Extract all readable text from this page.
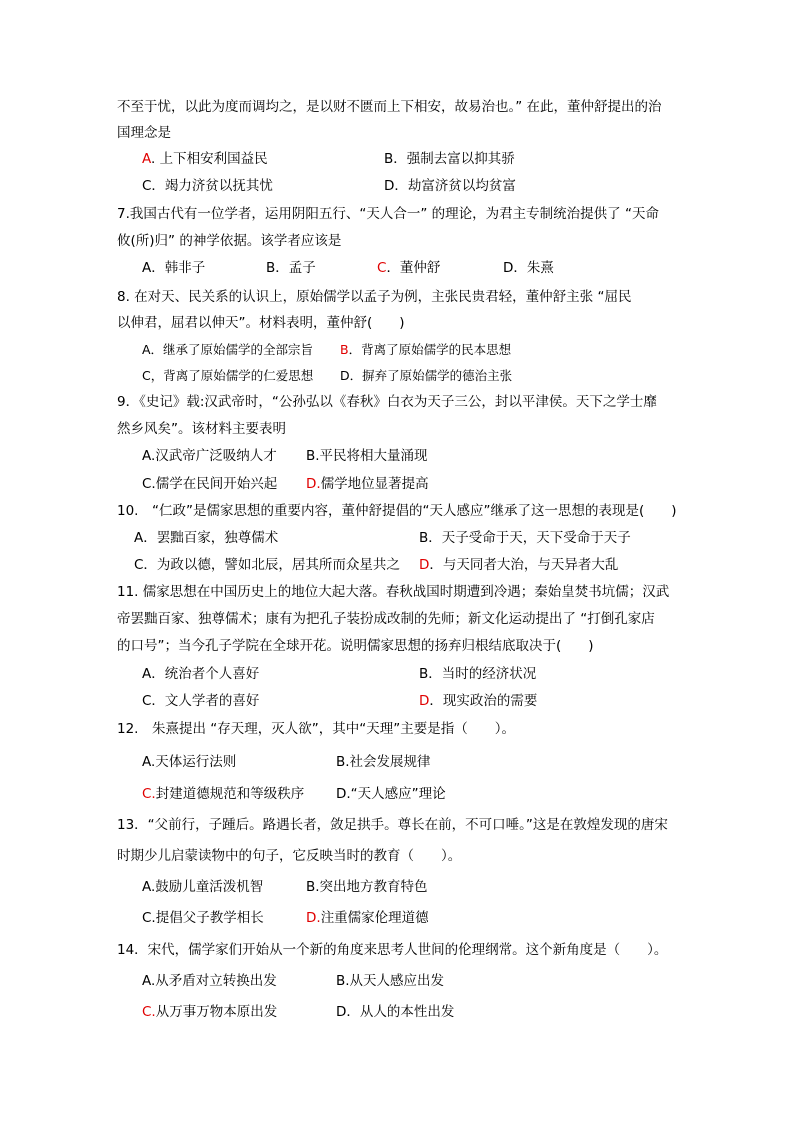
不至于忧，以此为度而调均之，是以财不匮而上下相安，故易治也。” 在此，董仲舒提出的治
国理念是
A. 上下相安利国益民	B．强制去富以抑其骄
C．竭力济贫以抚其忧	D．劫富济贫以均贫富
7.我国古代有一位学者，运用阴阳五行、“天人合一” 的理论，为君主专制统治提供了 “天命
攸(所)归” 的神学依据。该学者应该是
A．韩非子	B．孟子	C．董仲舒	D．朱熹
8. 在对天、民关系的认识上，原始儒学以孟子为例，主张民贵君轻，董仲舒主张 “屈民
以伸君，屈君以伸天”。材料表明，董仲舒(　　)
A．继承了原始儒学的全部宗旨 B．背离了原始儒学的民本思想
C，背离了原始儒学的仁爱思想 D．摒弃了原始儒学的德治主张
9．《史记》载:汉武帝时，“公孙弘以《春秋》白衣为天子三公，封以平津侯。天下之学士靡
然乡风矣”。该材料主要表明
A.汉武帝广泛吸纳人才 B.平民将相大量涌现
C.儒学在民间开始兴起 D.儒学地位显著提高
10.　“仁政”是儒家思想的重要内容，董仲舒提倡的“天人感应”继承了这一思想的表现是(　　)
A．罢黜百家，独尊儒术	B．天子受命于天，天下受命于天子
C．为政以德，譬如北辰，居其所而众星共之 D．与天同者大治，与天异者大乱
11. 儒家思想在中国历史上的地位大起大落。春秋战国时期遭到冷遇；秦始皇焚书坑儒；汉武
帝罢黜百家、独尊儒术；康有为把孔子装扮成改制的先师；新文化运动提出了 “打倒孔家店
的口号”；当今孔子学院在全球开花。说明儒家思想的扬弃归根结底取决于(　　)
A．统治者个人喜好	B．当时的经济状况
C．文人学者的喜好	D．现实政治的需要
12.　朱熹提出 “存天理，灭人欲”，其中“天理”主要是指（　　）。
A.天体运行法则	B.社会发展规律
C.封建道德规范和等级秩序 D.“天人感应”理论
13．“父前行，子踵后。路遇长者，敛足拱手。尊长在前，不可口唾。”这是在敦煌发现的唐宋
时期少儿启蒙读物中的句子，它反映当时的教育（　　）。
A.鼓励儿童活泼机智	B.突出地方教育特色
C.提倡父子教学相长	D.注重儒家伦理道德
14．宋代，儒学家们开始从一个新的角度来思考人世间的伦理纲常。这个新角度是（　　）。
A.从矛盾对立转换出发	B.从天人感应出发
C.从万事万物本原出发	D．从人的本性出发
